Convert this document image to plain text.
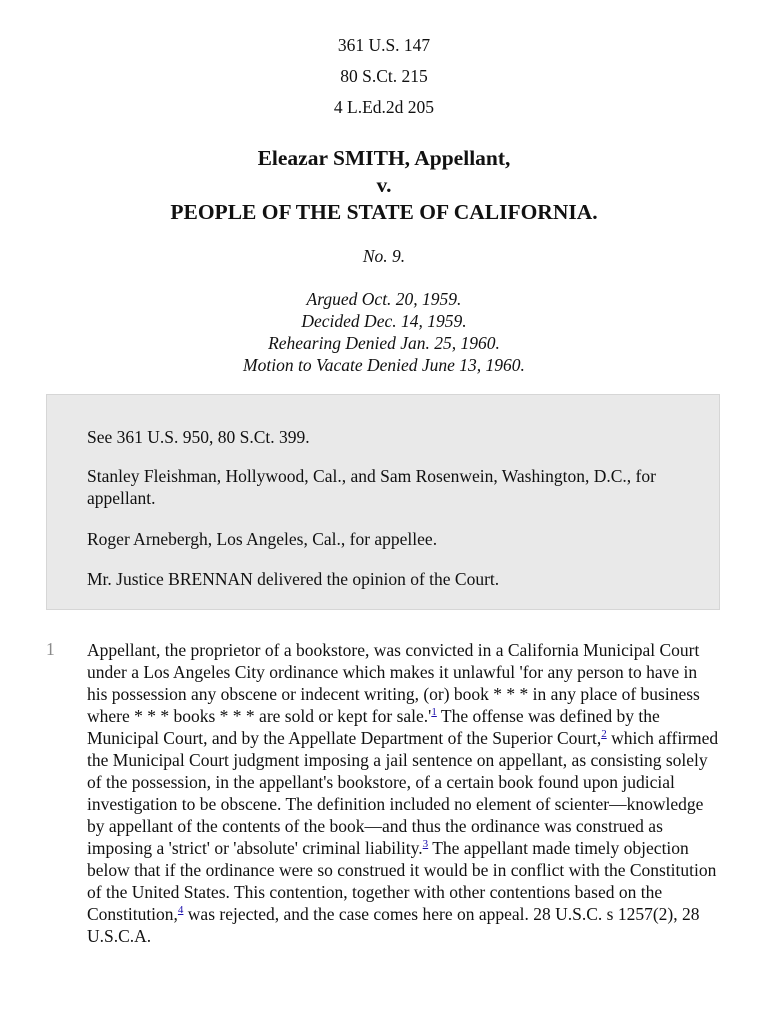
361 U.S. 147
80 S.Ct. 215
4 L.Ed.2d 205
Eleazar SMITH, Appellant,
v.
PEOPLE OF THE STATE OF CALIFORNIA.
No. 9.
Argued Oct. 20, 1959.
Decided Dec. 14, 1959.
Rehearing Denied Jan. 25, 1960.
Motion to Vacate Denied June 13, 1960.

See 361 U.S. 950, 80 S.Ct. 399.

Stanley Fleishman, Hollywood, Cal., and Sam Rosenwein, Washington, D.C., for appellant.

Roger Arnebergh, Los Angeles, Cal., for appellee.

Mr. Justice BRENNAN delivered the opinion of the Court.

1 Appellant, the proprietor of a bookstore, was convicted in a California Municipal Court under a Los Angeles City ordinance which makes it unlawful 'for any person to have in his possession any obscene or indecent writing, (or) book * * * in any place of business where * * * books * * * are sold or kept for sale.'$^1$ The offense was defined by the Municipal Court, and by the Appellate Department of the Superior Court,$^2$ which affirmed the Municipal Court judgment imposing a jail sentence on appellant, as consisting solely of the possession, in the appellant's bookstore, of a certain book found upon judicial investigation to be obscene. The definition included no element of scienter—knowledge by appellant of the contents of the book—and thus the ordinance was construed as imposing a 'strict' or 'absolute' criminal liability.$^3$ The appellant made timely objection below that if the ordinance were so construed it would be in conflict with the Constitution of the United States. This contention, together with other contentions based on the Constitution,$^4$ was rejected, and the case comes here on appeal. 28 U.S.C. s 1257(2), 28 U.S.C.A.
